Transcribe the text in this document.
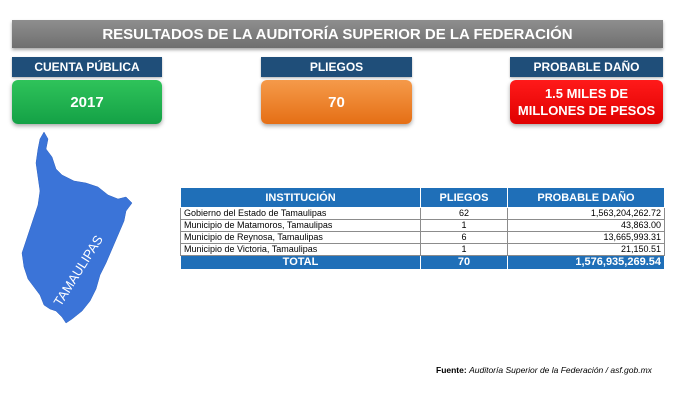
RESULTADOS DE LA AUDITORÍA SUPERIOR DE LA FEDERACIÓN
CUENTA PÚBLICA
2017
PLIEGOS
70
PROBABLE DAÑO
1.5 MILES DE
MILLONES DE PESOS
TAMAULIPAS
INSTITUCIÓN	PLIEGOS	PROBABLE DAÑO
Gobierno del Estado de Tamaulipas	62	1,563,204,262.72
Municipio de Matamoros, Tamaulipas	1	43,863.00
Municipio de Reynosa, Tamaulipas	6	13,665,993.31
Municipio de Victoria, Tamaulipas	1	21,150.51
TOTAL	70	1,576,935,269.54
Fuente: Auditoría Superior de la Federación / asf.gob.mx
